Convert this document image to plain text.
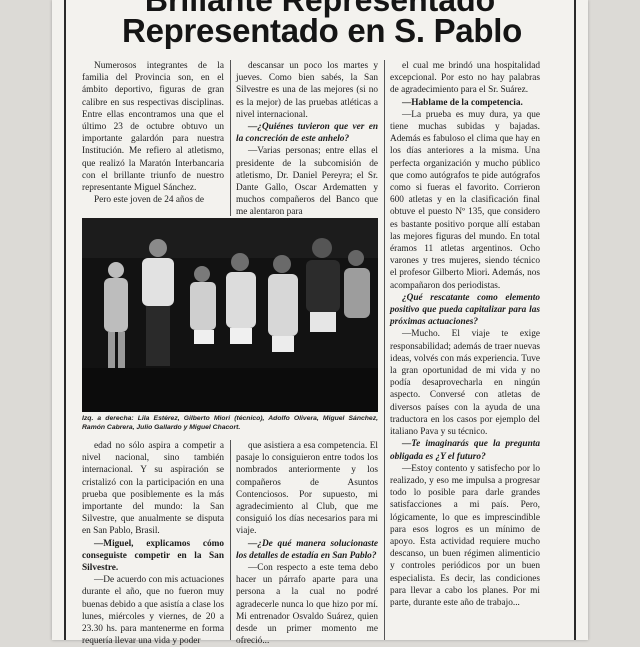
Representado en S. Pablo

Numerosos integrantes de la familia del Provincia son, en el ámbito deportivo, figuras de gran calibre en sus respectivas disciplinas. Entre ellas encontramos una que el último 23 de octubre obtuvo un importante galardón para nuestra Institución. Me refiero al atletismo, que realizó la Maratón Interbancaria con el brillante triunfo de nuestro representante Miguel Sánchez.

Pero este joven de 24 años de

descansar un poco los martes y jueves. Como bien sabés, la San Silvestre es una de las mejores (si no es la mejor) de las pruebas atléticas a nivel internacional.

—¿Quiénes tuvieron que ver en la concreción de este anhelo?

—Varias personas; entre ellas el presidente de la subcomisión de atletismo, Dr. Daniel Pereyra; el Sr. Dante Gallo, Oscar Ardematten y muchos compañeros del Banco que me alentaron para

el cual me brindó una hospitalidad excepcional. Por esto no hay palabras de agradecimiento para el Sr. Suárez.

—Hablame de la competencia.

—La prueba es muy dura, ya que tiene muchas subidas y bajadas. Además es fabuloso el clima que hay en los días anteriores a la misma. Una perfecta organización y mucho público que como autógrafos te pide autógrafos como si fueras el favorito. Corrieron 600 atletas y en la clasificación final obtuve el puesto Nº 135, que considero es bastante positivo porque allí estaban las mejores figuras del mundo. En total éramos 11 atletas argentinos. Ocho varones y tres mujeres, siendo técnico el profesor Gilberto Miori. Además, nos acompañaron dos periodistas.

¿Qué rescatante como elemento positivo que pueda capitalizar para las próximas actuaciones?

—Mucho. El viaje te exige responsabilidad; además de traer nuevas ideas, volvés con más experiencia. Tuve la gran oportunidad de mi vida y no podía desaprovecharla en ningún aspecto. Conversé con atletas de diversos países con la ayuda de una traductora en los casos por ejemplo del italiano Pava y su técnico.

—Te imaginarás que la pregunta obligada es ¿Y el futuro?

—Estoy contento y satisfecho por lo realizado, y eso me impulsa a progresar todo lo posible para darle grandes satisfacciones a mi país. Pero, lógicamente, lo que es imprescindible para esos logros es un mínimo de apoyo. Esta actividad requiere mucho descanso, un buen régimen alimenticio y controles periódicos por un buen especialista. Es decir, las condiciones para llevar a cabo los planes. Por mi parte, durante este año de trabajo...

Izq. a derecha: Lila Estérez, Gilberto Miori (técnico), Adolfo Olivera, Miguel Sánchez, Ramón Cabrera, Julio Gallardo y Miguel Chacort.

edad no sólo aspira a competir a nivel nacional, sino también internacional. Y su aspiración se cristalizó con la participación en una prueba que posiblemente es la más importante del mundo: la San Silvestre, que anualmente se disputa en San Pablo, Brasil.

—Miguel, explicamos cómo conseguiste competir en la San Silvestre.

—De acuerdo con mis actuaciones durante el año, que no fueron muy buenas debido a que asistía a clase los lunes, miércoles y viernes, de 20 a 23.30 hs. para mantenerme en forma requería llevar una vida y poder

que asistiera a esa competencia. El pasaje lo consiguieron entre todos los nombrados anteriormente y los compañeros de Asuntos Contenciosos. Por supuesto, mi agradecimiento al Club, que me consiguió los días necesarios para mi viaje.

—¿De qué manera solucionaste los detalles de estadía en San Pablo?

—Con respecto a este tema debo hacer un párrafo aparte para una persona a la cual no podré agradecerle nunca lo que hizo por mí. Mi entrenador Osvaldo Suárez, quien desde un primer momento me ofreció...
